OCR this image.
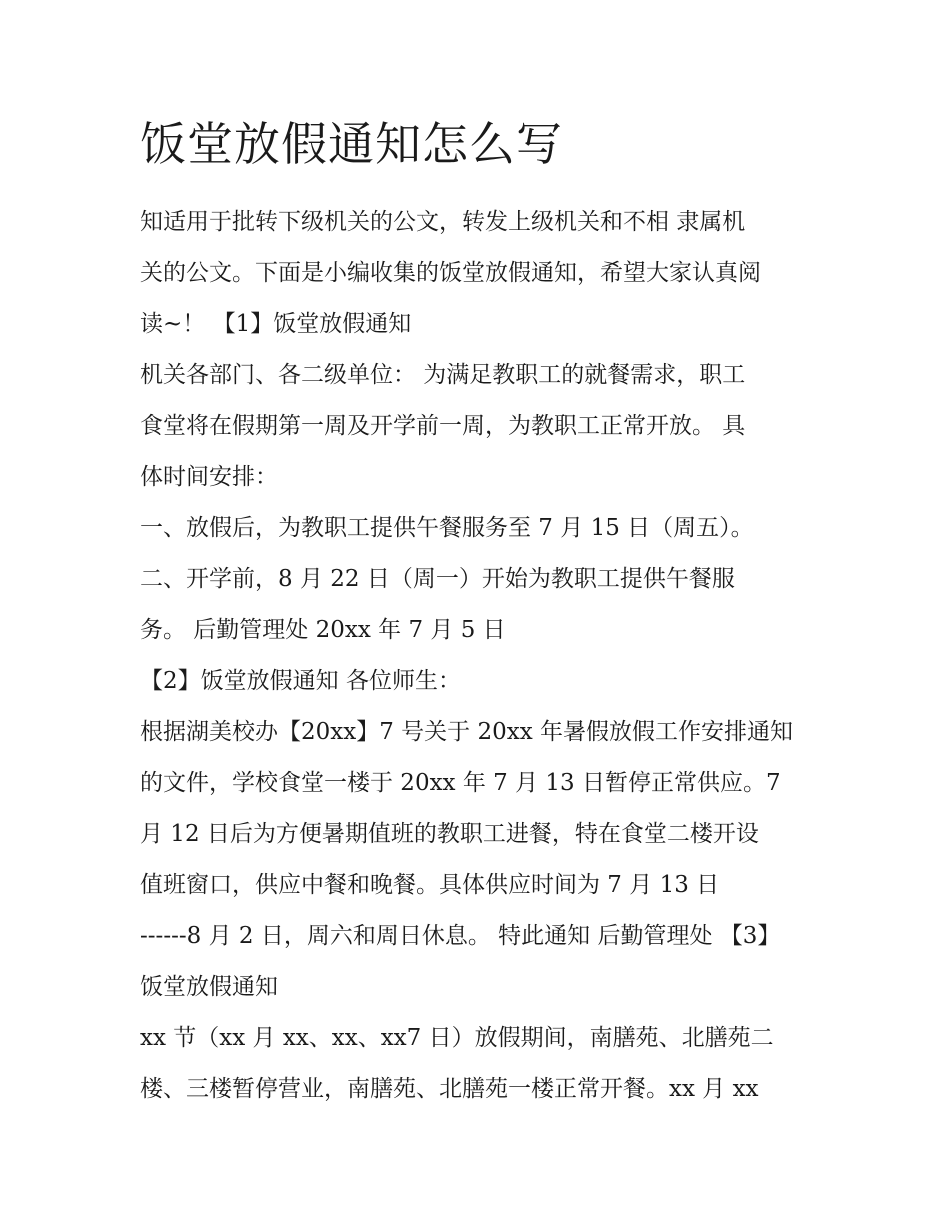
饭堂放假通知怎么写

知适用于批转下级机关的公文，转发上级机关和不相 隶属机

关的公文。下面是小编收集的饭堂放假通知，希望大家认真阅

读~！ 【1】饭堂放假通知

机关各部门、各二级单位： 为满足教职工的就餐需求，职工

食堂将在假期第一周及开学前一周，为教职工正常开放。 具

体时间安排：

一、放假后，为教职工提供午餐服务至 7 月 15 日（周五）。

二、开学前，8 月 22 日（周一）开始为教职工提供午餐服

务。 后勤管理处 20xx 年 7 月 5 日

【2】饭堂放假通知 各位师生：

根据湖美校办【20xx】7 号关于 20xx 年暑假放假工作安排通知

的文件，学校食堂一楼于 20xx 年 7 月 13 日暂停正常供应。7

月 12 日后为方便暑期值班的教职工进餐，特在食堂二楼开设

值班窗口，供应中餐和晚餐。具体供应时间为 7 月 13 日

------8 月 2 日，周六和周日休息。 特此通知 后勤管理处 【3】

饭堂放假通知

xx 节（xx 月 xx、xx、xx7 日）放假期间，南膳苑、北膳苑二

楼、三楼暂停营业，南膳苑、北膳苑一楼正常开餐。xx 月 xx
